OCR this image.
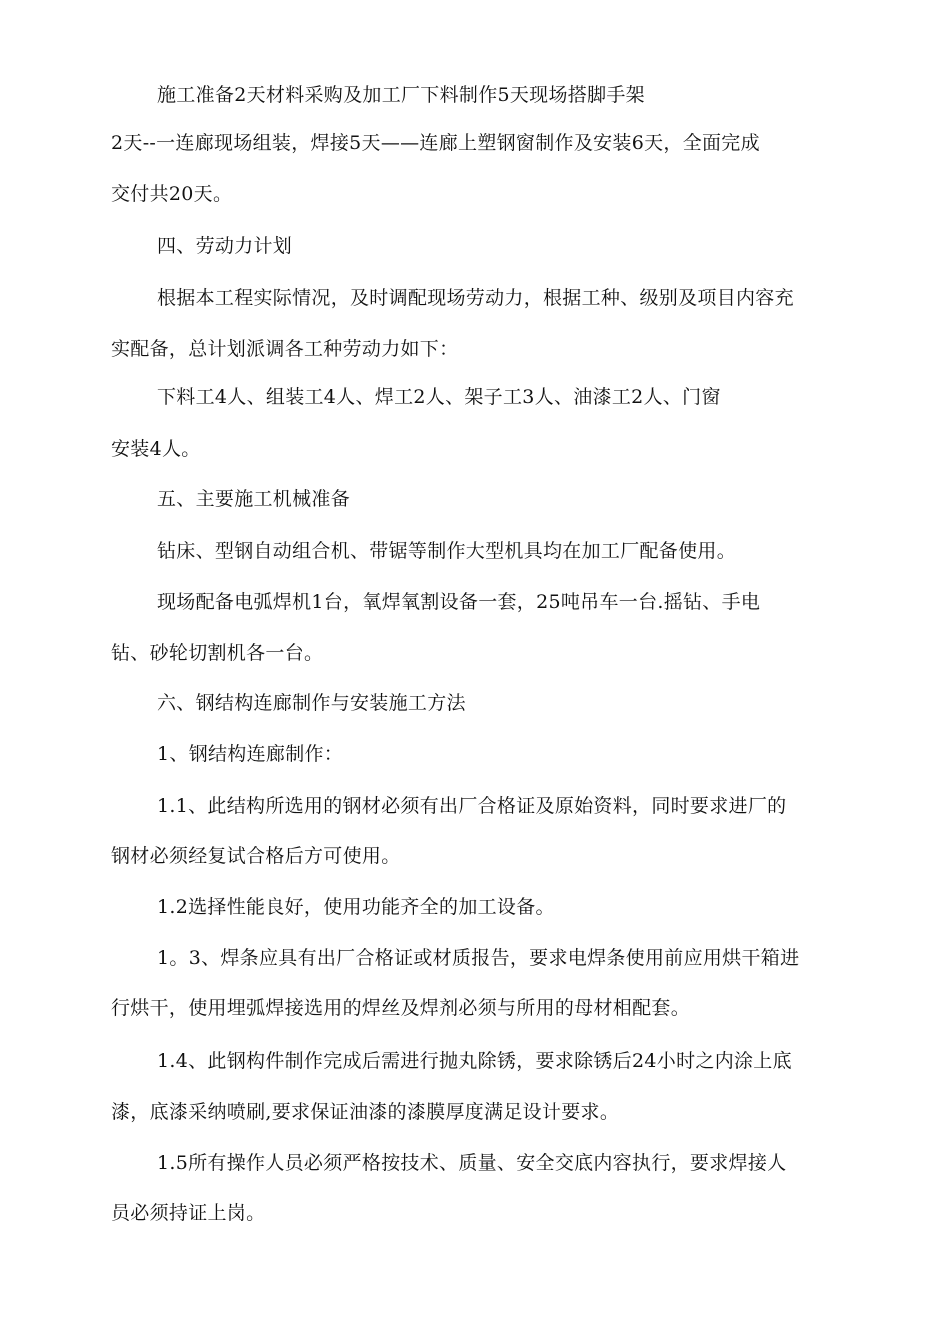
施工准备2天材料采购及加工厂下料制作5天现场搭脚手架
2天--一连廊现场组装，焊接5天——连廊上塑钢窗制作及安装6天，全面完成
交付共20天。
四、劳动力计划
根据本工程实际情况，及时调配现场劳动力，根据工种、级别及项目内容充
实配备，总计划派调各工种劳动力如下：
下料工4人、组装工4人、焊工2人、架子工3人、油漆工2人、门窗
安装4人。
五、主要施工机械准备
钻床、型钢自动组合机、带锯等制作大型机具均在加工厂配备使用。
现场配备电弧焊机1台，氧焊氧割设备一套，25吨吊车一台.摇钻、手电
钻、砂轮切割机各一台。
六、钢结构连廊制作与安装施工方法
1、钢结构连廊制作：
1.1、此结构所选用的钢材必须有出厂合格证及原始资料，同时要求进厂的
钢材必须经复试合格后方可使用。
1.2选择性能良好，使用功能齐全的加工设备。
1。3、焊条应具有出厂合格证或材质报告，要求电焊条使用前应用烘干箱进
行烘干，使用埋弧焊接选用的焊丝及焊剂必须与所用的母材相配套。
1.4、此钢构件制作完成后需进行抛丸除锈，要求除锈后24小时之内涂上底
漆，底漆采纳喷刷,要求保证油漆的漆膜厚度满足设计要求。
1.5所有操作人员必须严格按技术、质量、安全交底内容执行，要求焊接人
员必须持证上岗。
